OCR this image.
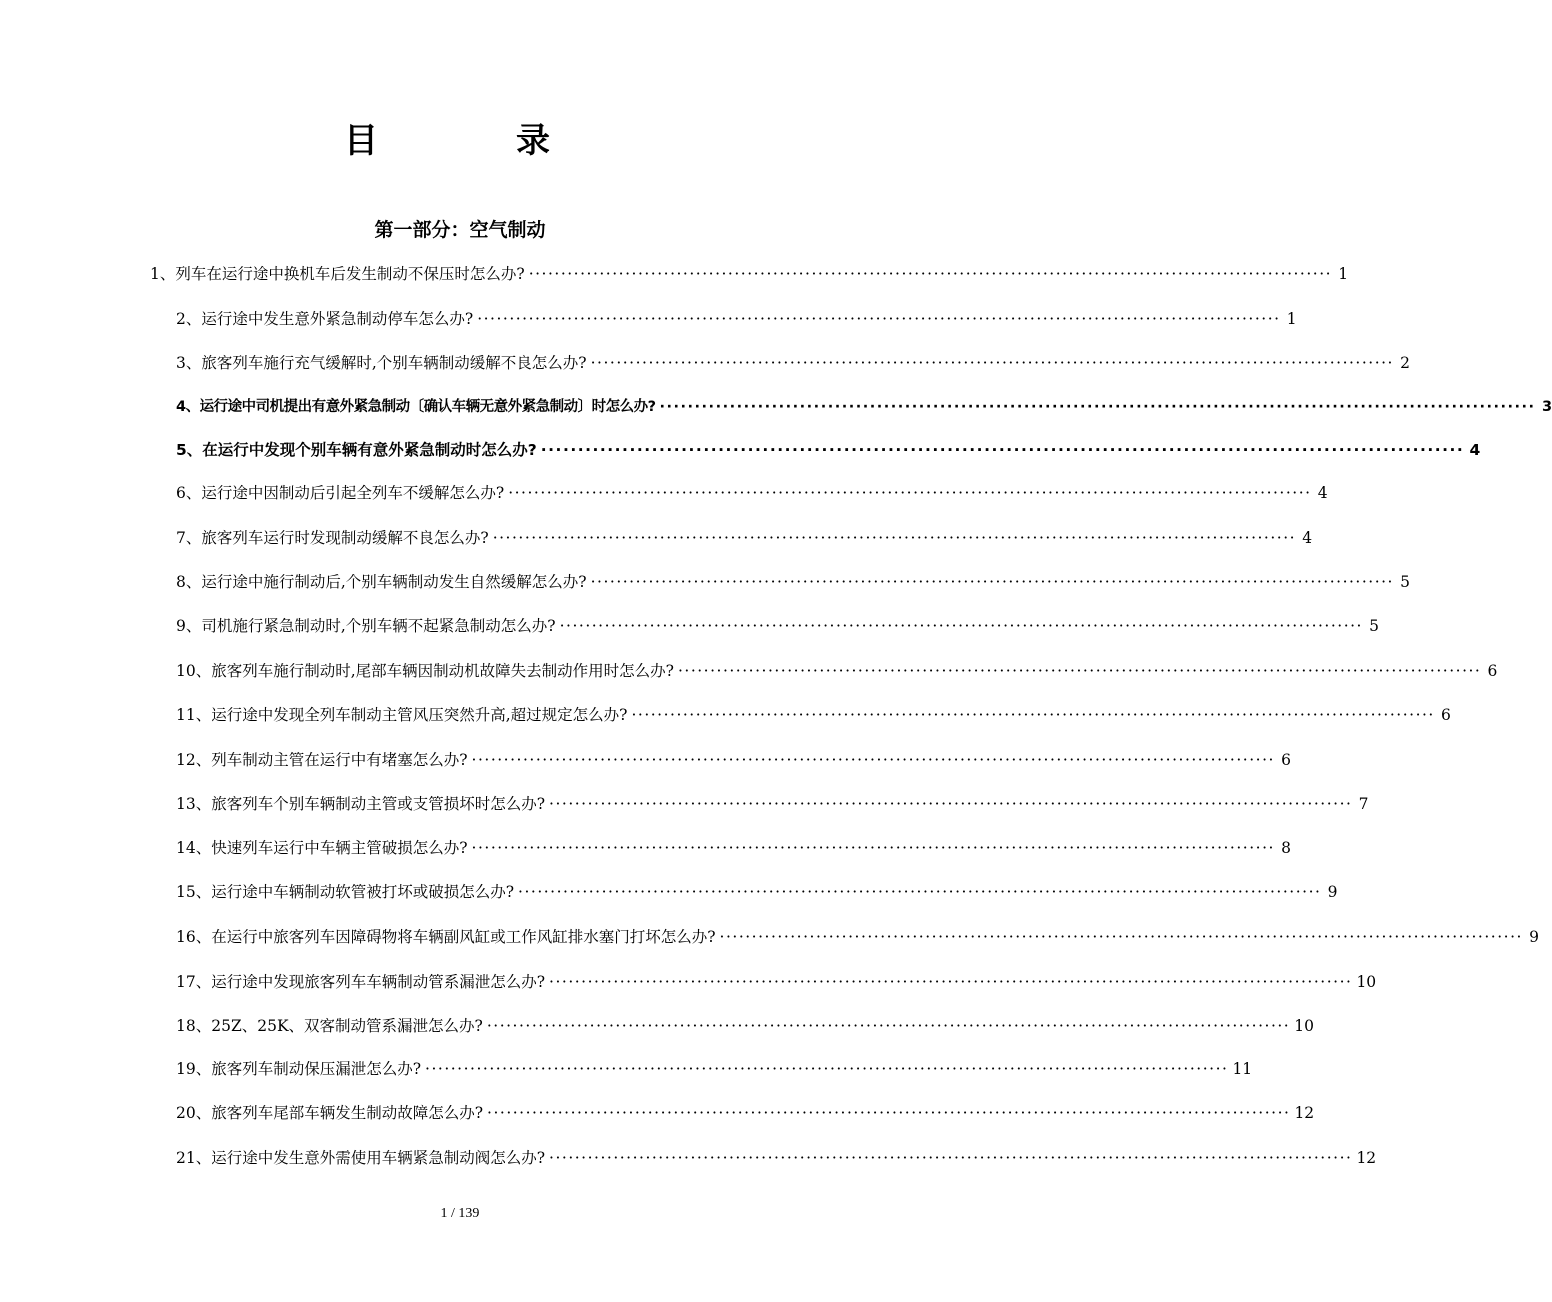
目　录
第一部分：空气制动
1、列车在运行途中换机车后发生制动不保压时怎么办? ·····	1
2、运行途中发生意外紧急制动停车怎么办? ·····	1
3、旅客列车施行充气缓解时,个别车辆制动缓解不良怎么办? ·····	2
4、运行途中司机提出有意外紧急制动〔确认车辆无意外紧急制动〕时怎么办? ·····	3
5、在运行中发现个别车辆有意外紧急制动时怎么办? ·····	4
6、运行途中因制动后引起全列车不缓解怎么办? ·····	4
7、旅客列车运行时发现制动缓解不良怎么办? ·····	4
8、运行途中施行制动后,个别车辆制动发生自然缓解怎么办? ·····	5
9、司机施行紧急制动时,个别车辆不起紧急制动怎么办? ·····	5
10、旅客列车施行制动时,尾部车辆因制动机故障失去制动作用时怎么办? ·····	6
11、运行途中发现全列车制动主管风压突然升高,超过规定怎么办? ·····	6
12、列车制动主管在运行中有堵塞怎么办? ·····	6
13、旅客列车个别车辆制动主管或支管损坏时怎么办? ·····	7
14、快速列车运行中车辆主管破损怎么办? ·····	8
15、运行途中车辆制动软管被打坏或破损怎么办? ·····	9
16、在运行中旅客列车因障碍物将车辆副风缸或工作风缸排水塞门打坏怎么办? ·····	9
17、运行途中发现旅客列车车辆制动管系漏泄怎么办? ·····	10
18、25Z、25K、双客制动管系漏泄怎么办? ·····	10
19、旅客列车制动保压漏泄怎么办? ·····	11
20、旅客列车尾部车辆发生制动故障怎么办? ·····	12
21、运行途中发生意外需使用车辆紧急制动阀怎么办? ·····	12
1 / 139
